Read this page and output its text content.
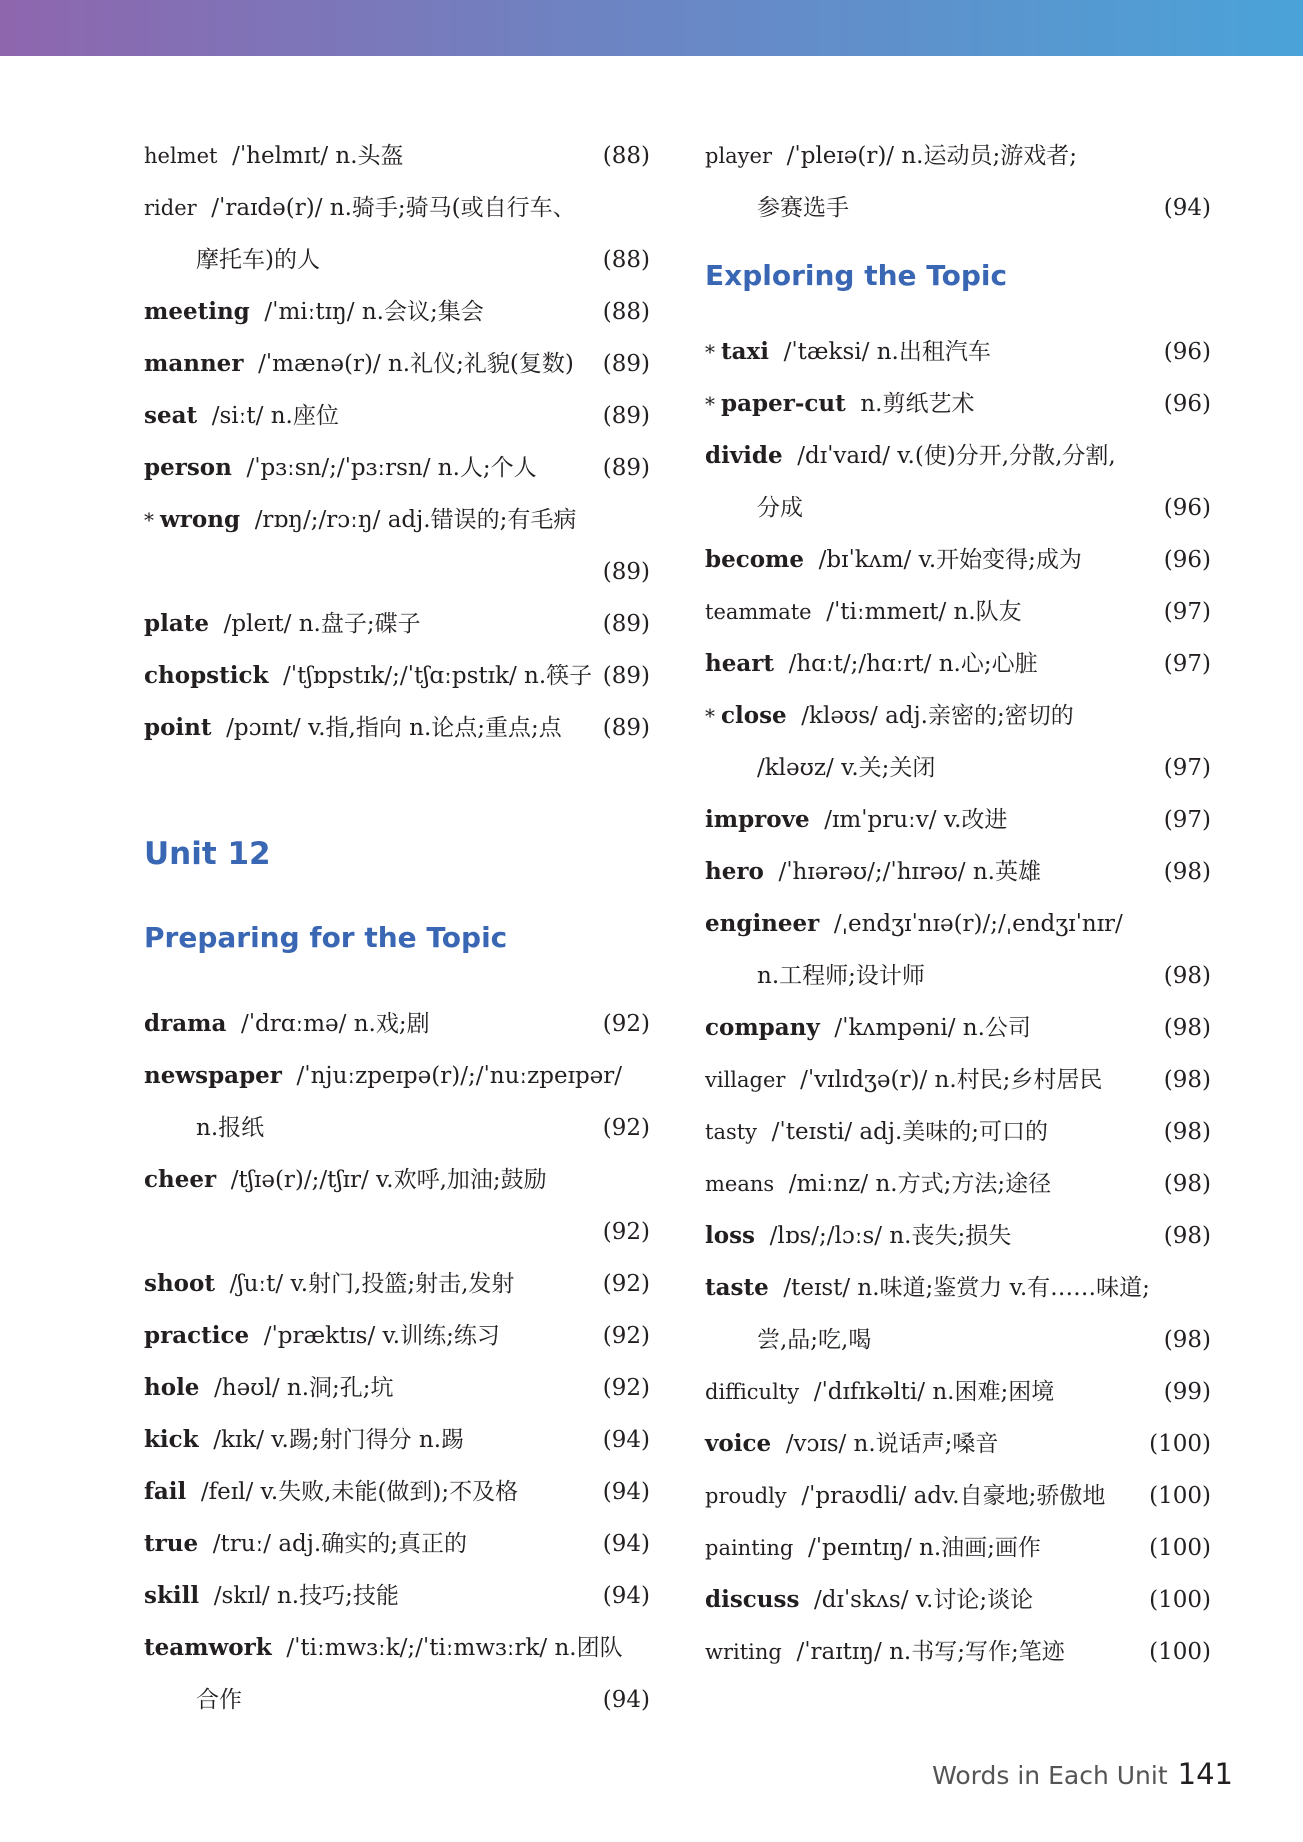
helmet /ˈhelmɪt/ n.头盔	(88)
rider /ˈraɪdə(r)/ n.骑手;骑马(或自行车、
摩托车)的人	(88)
meeting /ˈmiːtɪŋ/ n.会议;集会	(88)
manner /ˈmænə(r)/ n.礼仪;礼貌(复数) (89)
seat /siːt/ n.座位	(89)
person /ˈpɜːsn/;/ˈpɜːrsn/ n.人;个人	(89)
* wrong /rɒŋ/;/rɔːŋ/ adj.错误的;有毛病
(89)
plate /pleɪt/ n.盘子;碟子	(89)
chopstick /ˈtʃɒpstɪk/;/ˈtʃɑːpstɪk/ n.筷子 (89)
point /pɔɪnt/ v.指,指向 n.论点;重点;点 (89)
Unit 12
Preparing for the Topic
drama /ˈdrɑːmə/ n.戏;剧	(92)
newspaper /ˈnjuːzpeɪpə(r)/;/ˈnuːzpeɪpər/
n.报纸	(92)
cheer /tʃɪə(r)/;/tʃɪr/ v.欢呼,加油;鼓励
(92)
shoot /ʃuːt/ v.射门,投篮;射击,发射	(92)
practice /ˈpræktɪs/ v.训练;练习	(92)
hole /həʊl/ n.洞;孔;坑	(92)
kick /kɪk/ v.踢;射门得分 n.踢	(94)
fail /feɪl/ v.失败,未能(做到);不及格	(94)
true /truː/ adj.确实的;真正的	(94)
skill /skɪl/ n.技巧;技能	(94)
teamwork /ˈtiːmwɜːk/;/ˈtiːmwɜːrk/ n.团队
合作	(94)
player /ˈpleɪə(r)/ n.运动员;游戏者;
参赛选手	(94)
Exploring the Topic
* taxi /ˈtæksi/ n.出租汽车	(96)
* paper-cut n.剪纸艺术	(96)
divide /dɪˈvaɪd/ v.(使)分开,分散,分割,
分成	(96)
become /bɪˈkʌm/ v.开始变得;成为	(96)
teammate /ˈtiːmmeɪt/ n.队友	(97)
heart /hɑːt/;/hɑːrt/ n.心;心脏	(97)
* close /kləʊs/ adj.亲密的;密切的
/kləʊz/ v.关;关闭	(97)
improve /ɪmˈpruːv/ v.改进	(97)
hero /ˈhɪərəʊ/;/ˈhɪrəʊ/ n.英雄	(98)
engineer /ˌendʒɪˈnɪə(r)/;/ˌendʒɪˈnɪr/
n.工程师;设计师	(98)
company /ˈkʌmpəni/ n.公司	(98)
villager /ˈvɪlɪdʒə(r)/ n.村民;乡村居民	(98)
tasty /ˈteɪsti/ adj.美味的;可口的	(98)
means /miːnz/ n.方式;方法;途径	(98)
loss /lɒs/;/lɔːs/ n.丧失;损失	(98)
taste /teɪst/ n.味道;鉴赏力 v.有……味道;
尝,品;吃,喝	(98)
difficulty /ˈdɪfɪkəlti/ n.困难;困境	(99)
voice /vɔɪs/ n.说话声;嗓音	(100)
proudly /ˈpraʊdli/ adv.自豪地;骄傲地 (100)
painting /ˈpeɪntɪŋ/ n.油画;画作	(100)
discuss /dɪˈskʌs/ v.讨论;谈论	(100)
writing /ˈraɪtɪŋ/ n.书写;写作;笔迹	(100)
Words in Each Unit 141
